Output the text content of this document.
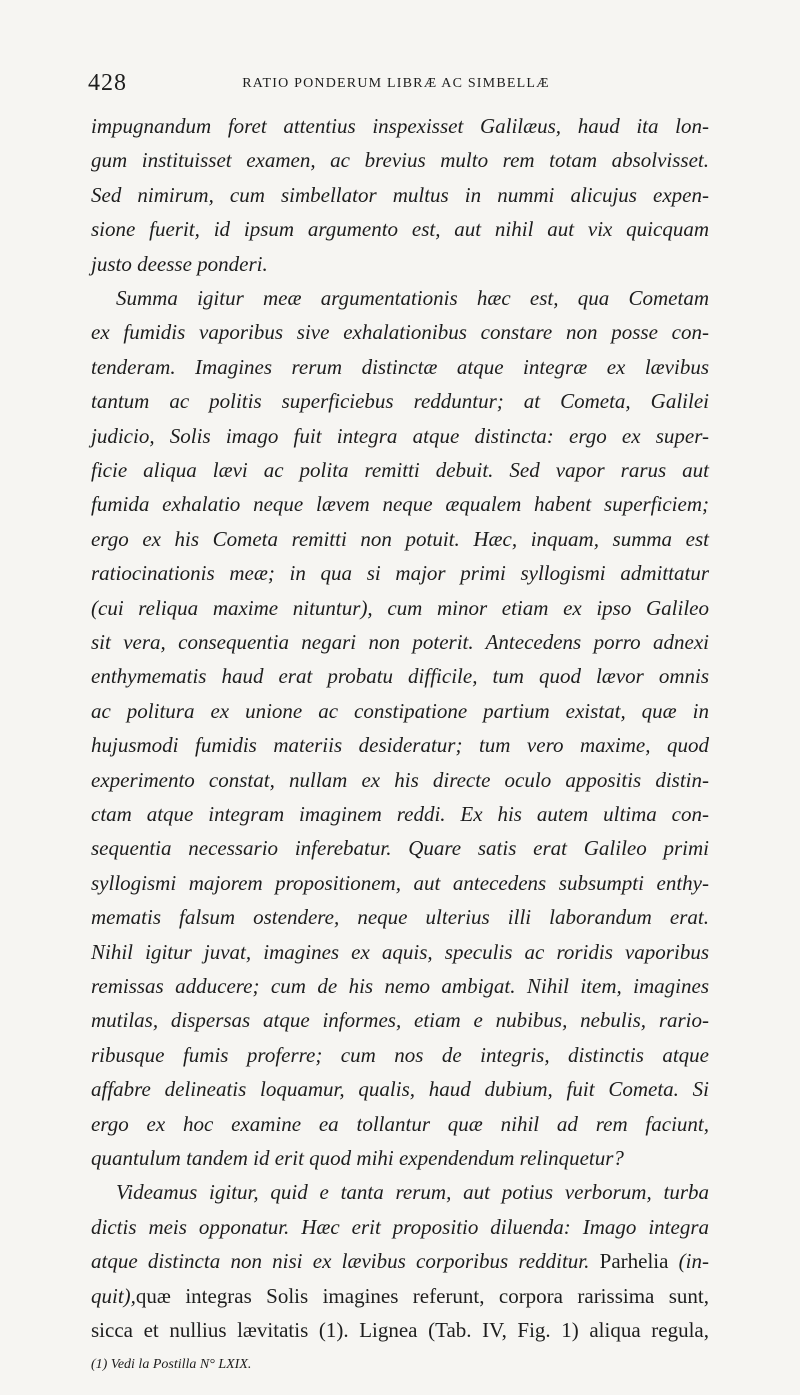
428	RATIO PONDERUM LIBRÆ AC SIMBELLÆ
impugnandum foret attentius inspexisset Galilæus, haud ita lon-
gum instituisset examen, ac brevius multo rem totam absolvisset.
Sed nimirum, cum simbellator multus in nummi alicujus expen-
sione fuerit, id ipsum argumento est, aut nihil aut vix quicquam
justo deesse ponderi.
Summa igitur meæ argumentationis hæc est, qua Cometam
ex fumidis vaporibus sive exhalationibus constare non posse con-
tenderam. Imagines rerum distinctæ atque integræ ex lævibus
tantum ac politis superficiebus redduntur; at Cometa, Galilei
judicio, Solis imago fuit integra atque distincta: ergo ex super-
ficie aliqua lævi ac polita remitti debuit. Sed vapor rarus aut
fumida exhalatio neque lævem neque æqualem habent superficiem;
ergo ex his Cometa remitti non potuit. Hæc, inquam, summa est
ratiocinationis meæ; in qua si major primi syllogismi admittatur
(cui reliqua maxime nituntur), cum minor etiam ex ipso Galileo
sit vera, consequentia negari non poterit. Antecedens porro adnexi
enthymematis haud erat probatu difficile, tum quod lævor omnis
ac politura ex unione ac constipatione partium existat, quæ in
hujusmodi fumidis materiis desideratur; tum vero maxime, quod
experimento constat, nullam ex his directe oculo appositis distin-
ctam atque integram imaginem reddi. Ex his autem ultima con-
sequentia necessario inferebatur. Quare satis erat Galileo primi
syllogismi majorem propositionem, aut antecedens subsumpti enthy-
mematis falsum ostendere, neque ulterius illi laborandum erat.
Nihil igitur juvat, imagines ex aquis, speculis ac roridis vaporibus
remissas adducere; cum de his nemo ambigat. Nihil item, imagines
mutilas, dispersas atque informes, etiam e nubibus, nebulis, rario-
ribusque fumis proferre; cum nos de integris, distinctis atque
affabre delineatis loquamur, qualis, haud dubium, fuit Cometa. Si
ergo ex hoc examine ea tollantur quæ nihil ad rem faciunt,
quantulum tandem id erit quod mihi expendendum relinquetur?
Videamus igitur, quid e tanta rerum, aut potius verborum, turba
dictis meis opponatur. Hæc erit propositio diluenda: Imago integra
atque distincta non nisi ex lævibus corporibus redditur. Parhelia (in-
quit),quæ integras Solis imagines referunt, corpora rarissima sunt,
sicca et nullius lævitatis (1). Lignea (Tab. IV, Fig. 1) aliqua regula,
(1) Vedi la Postilla N° LXIX.
